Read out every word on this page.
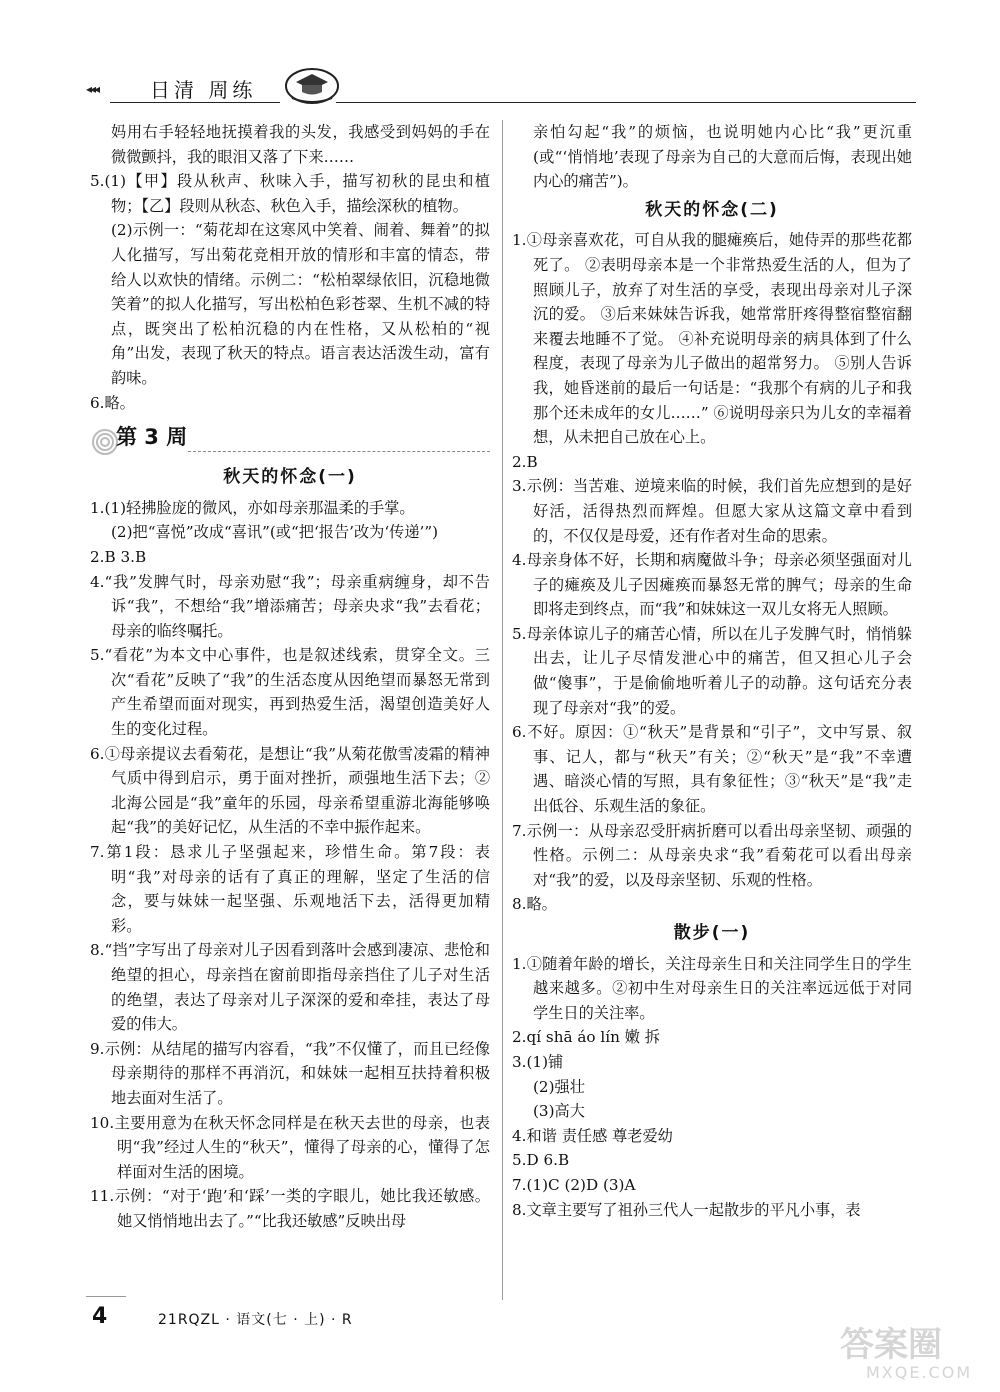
◂◂◂	日清 周练

妈用右手轻轻地抚摸着我的头发，我感受到妈妈的手在微微颤抖，我的眼泪又落了下来……

5.(1)【甲】段从秋声、秋味入手，描写初秋的昆虫和植物；【乙】段则从秋态、秋色入手，描绘深秋的植物。

(2)示例一：“菊花却在这寒风中笑着、闹着、舞着”的拟人化描写，写出菊花竞相开放的情形和丰富的情态，带给人以欢快的情绪。示例二：“松柏翠绿依旧，沉稳地微笑着”的拟人化描写，写出松柏色彩苍翠、生机不减的特点，既突出了松柏沉稳的内在性格，又从松柏的“视角”出发，表现了秋天的特点。语言表达活泼生动，富有韵味。

6.略。

第 3 周
秋天的怀念(一)

1.(1)轻拂脸庞的微风，亦如母亲那温柔的手掌。

(2)把“喜悦”改成“喜讯”(或“把‘报告’改为‘传递’”)

2.B 3.B

4.“我”发脾气时，母亲劝慰“我”；母亲重病缠身，却不告诉“我”，不想给“我”增添痛苦；母亲央求“我”去看花；母亲的临终嘱托。

5.“看花”为本文中心事件，也是叙述线索，贯穿全文。三次“看花”反映了“我”的生活态度从因绝望而暴怒无常到产生希望而面对现实，再到热爱生活，渴望创造美好人生的变化过程。

6.①母亲提议去看菊花，是想让“我”从菊花傲雪凌霜的精神气质中得到启示，勇于面对挫折，顽强地生活下去；②北海公园是“我”童年的乐园，母亲希望重游北海能够唤起“我”的美好记忆，从生活的不幸中振作起来。

7.第1段：恳求儿子坚强起来，珍惜生命。第7段：表明“我”对母亲的话有了真正的理解，坚定了生活的信念，要与妹妹一起坚强、乐观地活下去，活得更加精彩。

8.“挡”字写出了母亲对儿子因看到落叶会感到凄凉、悲怆和绝望的担心，母亲挡在窗前即指母亲挡住了儿子对生活的绝望，表达了母亲对儿子深深的爱和牵挂，表达了母爱的伟大。

9.示例：从结尾的描写内容看，“我”不仅懂了，而且已经像母亲期待的那样不再消沉，和妹妹一起相互扶持着积极地去面对生活了。

10.主要用意为在秋天怀念同样是在秋天去世的母亲，也表明“我”经过人生的“秋天”，懂得了母亲的心，懂得了怎样面对生活的困境。

11.示例：“对于‘跑’和‘踩’一类的字眼儿，她比我还敏感。她又悄悄地出去了。”“比我还敏感”反映出母

亲怕勾起“我”的烦恼，也说明她内心比“我”更沉重(或“‘悄悄地’表现了母亲为自己的大意而后悔，表现出她内心的痛苦”)。

秋天的怀念(二)

1.①母亲喜欢花，可自从我的腿瘫痪后，她侍弄的那些花都死了。 ②表明母亲本是一个非常热爱生活的人，但为了照顾儿子，放弃了对生活的享受，表现出母亲对儿子深沉的爱。 ③后来妹妹告诉我，她常常肝疼得整宿整宿翻来覆去地睡不了觉。 ④补充说明母亲的病具体到了什么程度，表现了母亲为儿子做出的超常努力。 ⑤别人告诉我，她昏迷前的最后一句话是：“我那个有病的儿子和我那个还未成年的女儿……” ⑥说明母亲只为儿女的幸福着想，从未把自己放在心上。

2.B

3.示例：当苦难、逆境来临的时候，我们首先应想到的是好好活，活得热烈而辉煌。但愿大家从这篇文章中看到的，不仅仅是母爱，还有作者对生命的思索。

4.母亲身体不好，长期和病魔做斗争；母亲必须坚强面对儿子的瘫痪及儿子因瘫痪而暴怒无常的脾气；母亲的生命即将走到终点，而“我”和妹妹这一双儿女将无人照顾。

5.母亲体谅儿子的痛苦心情，所以在儿子发脾气时，悄悄躲出去，让儿子尽情发泄心中的痛苦，但又担心儿子会做“傻事”，于是偷偷地听着儿子的动静。这句话充分表现了母亲对“我”的爱。

6.不好。原因：①“秋天”是背景和“引子”，文中写景、叙事、记人，都与“秋天”有关；②“秋天”是“我”不幸遭遇、暗淡心情的写照，具有象征性；③“秋天”是“我”走出低谷、乐观生活的象征。

7.示例一：从母亲忍受肝病折磨可以看出母亲坚韧、顽强的性格。示例二：从母亲央求“我”看菊花可以看出母亲对“我”的爱，以及母亲坚韧、乐观的性格。

8.略。

散步(一)

1.①随着年龄的增长，关注母亲生日和关注同学生日的学生越来越多。②初中生对母亲生日的关注率远远低于对同学生日的关注率。

2.qí shā áo lín 嫩 拆

3.(1)铺

(2)强壮

(3)高大

4.和谐 责任感 尊老爱幼

5.D 6.B

7.(1)C (2)D (3)A

8.文章主要写了祖孙三代人一起散步的平凡小事，表

4	21RQZL · 语文(七 · 上) · R
答案圈
MXQE.COM
